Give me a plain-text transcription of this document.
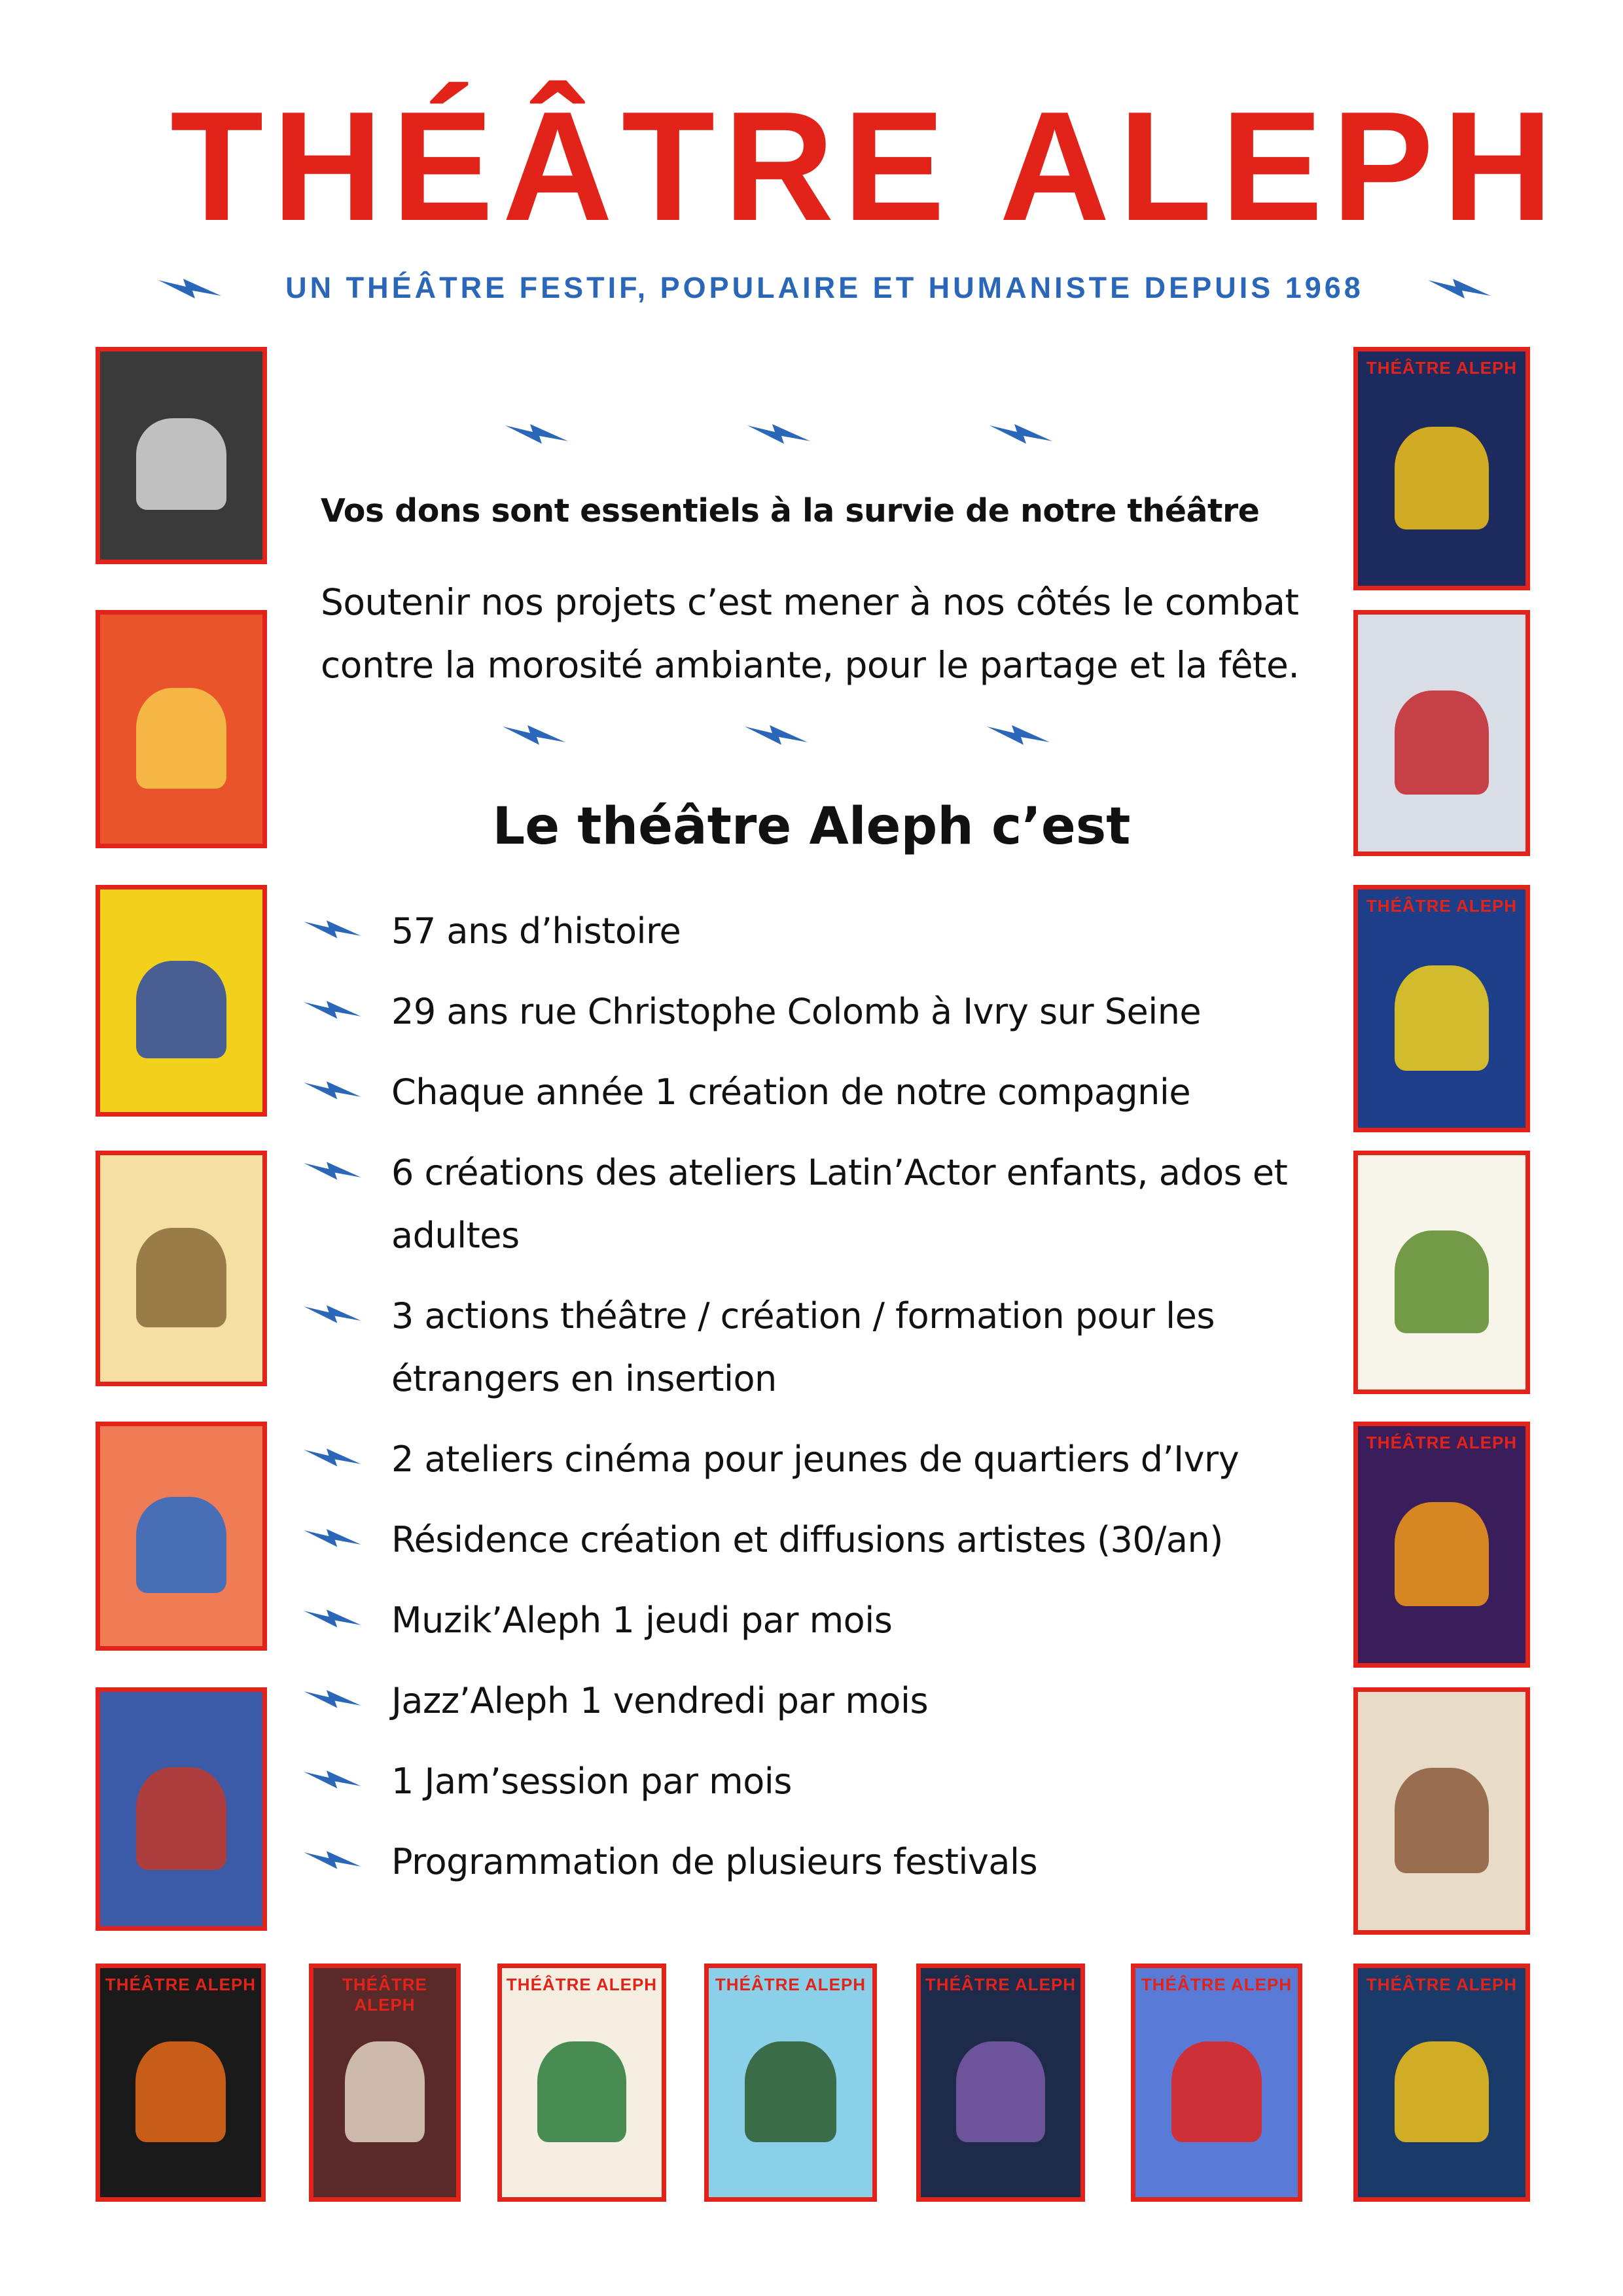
THÉÂTRE ALEPH
UN THÉÂTRE FESTIF, POPULAIRE ET HUMANISTE DEPUIS 1968
THÉÂTRE ALEPH
THÉÂTRE ALEPH
THÉÂTRE ALEPH
THÉÂTRE ALEPH	THÉÂTRE ALEPH
THÉÂTRE ALEPH	THÉÂTRE ALEPH	THÉÂTRE ALEPH	THÉÂTRE ALEPH	THÉÂTRE ALEPH
Vos dons sont essentiels à la survie de notre théâtre
Soutenir nos projets c’est mener à nos côtés le combat contre la morosité ambiante, pour le partage et la fête.
Le théâtre Aleph c’est
57 ans d’histoire
29 ans rue Christophe Colomb à Ivry sur Seine
Chaque année 1 création de notre compagnie
6 créations des ateliers Latin’Actor enfants, ados et adultes
3 actions théâtre / création / formation pour les étrangers en insertion
2 ateliers cinéma pour jeunes de quartiers d’Ivry
Résidence création et diffusions artistes (30/an)
Muzik’Aleph 1 jeudi par mois
Jazz’Aleph 1 vendredi par mois
1 Jam’session par mois
Programmation de plusieurs festivals
